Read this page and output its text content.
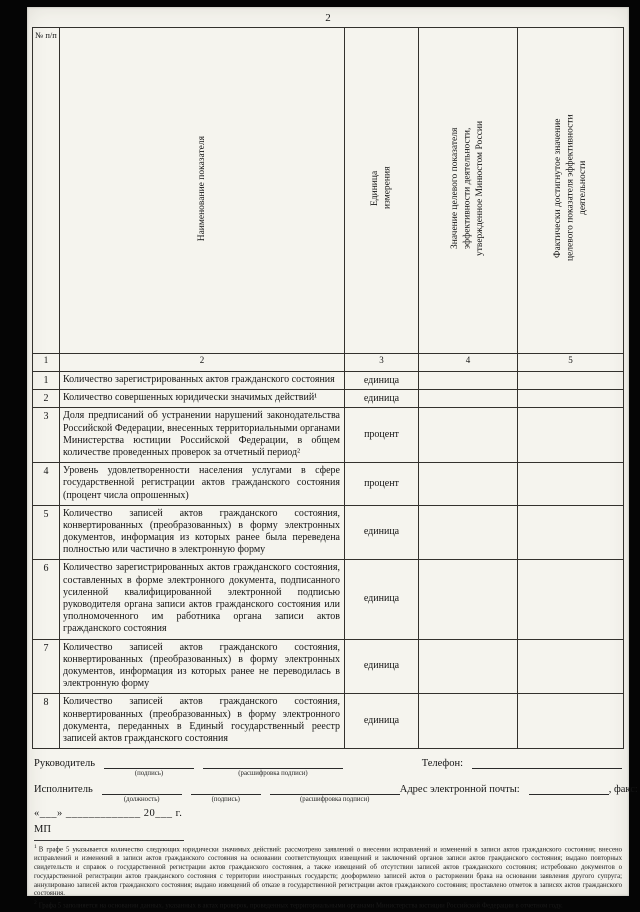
2
№ п/п	Наименование показателя	Единица измерения	Значение целевого показателя эффективности деятельности, утвержденное Минюстом России	Фактически достигнутое значение целевого показателя эффективности деятельности
1	2	3	4	5
1	Количество зарегистрированных актов гражданского состояния	единица		
2	Количество совершенных юридически значимых действий¹	единица		
3	Доля предписаний об устранении нарушений законодательства Российской Федерации, внесенных территориальными органами Министерства юстиции Российской Федерации, в общем количестве проведенных проверок за отчетный период²	процент		
4	Уровень удовлетворенности населения услугами в сфере государственной регистрации актов гражданского состояния (процент числа опрошенных)	процент		
5	Количество записей актов гражданского состояния, конвертированных (преобразованных) в форму электронных документов, информация из которых ранее была переведена полностью или частично в электронную форму	единица		
6	Количество зарегистрированных актов гражданского состояния, составленных в форме электронного документа, подписанного усиленной квалифицированной электронной подписью руководителя органа записи актов гражданского состояния или уполномоченного им работника органа записи актов гражданского состояния	единица		
7	Количество записей актов гражданского состояния, конвертированных (преобразованных) в форму электронных документов, информация из которых ранее не переводилась в электронную форму	единица		
8	Количество записей актов гражданского состояния, конвертированных (преобразованных) в форму электронного документа, переданных в Единый государственный реестр записей актов гражданского состояния	единица		
Руководитель
(подпись)	(расшифровка подписи)
Телефон:
Исполнитель
(должность)	(подпись)	(расшифровка подписи)
Адрес электронной почты:	, факс:
«___» _____________ 20___ г.
МП

$^1$ В графе 5 указывается количество следующих юридически значимых действий: рассмотрено заявлений о внесении исправлений и изменений в записи актов гражданского состояния; внесено исправлений и изменений в записи актов гражданского состояния на основании соответствующих извещений и заключений органов записи актов гражданского состояния; выдано повторных свидетельств и справок о государственной регистрации актов гражданского состояния, а также извещений об отсутствии записей актов гражданского состояния; истребовано документов о государственной регистрации актов гражданского состояния с территории иностранных государств; дооформлено записей актов о расторжении брака на основании заявления другого супруга; аннулировано записей актов гражданского состояния; выдано извещений об отказе в государственной регистрации актов гражданского состояния; проставлено отметок в записях актов гражданского состояния.

$^2$ Графа 5 заполняется на основании данных, указанных в актах проверок, проведенных территориальными органами Министерства юстиции Российской Федерации в отчетном году.
